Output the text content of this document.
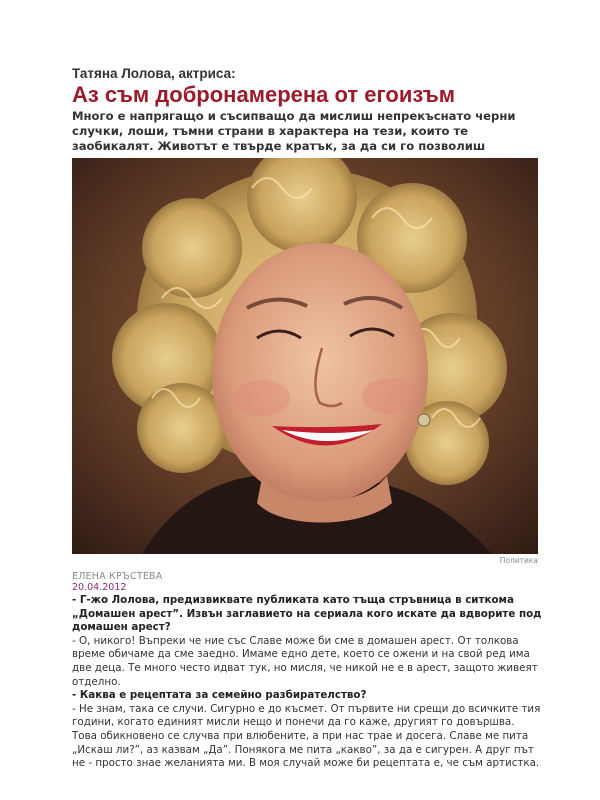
Татяна Лолова, актриса:

Аз съм добронамерена от егоизъм

Много е напрягащо и съсипващо да мислиш непрекъснато черни случки, лоши, тъмни страни в характера на тези, които те заобикалят. Животът е твърде кратък, за да си го позволиш

Политика
ЕЛЕНА КРЪСТЕВА
20.04.2012

- Г-жо Лолова, предизвиквате публиката като тъща стръвница в ситкома „Домашен арест”. Извън заглавието на сериала кого искате да вдворите под домашен арест?

- О, никого! Въпреки че ние със Славе може би сме в домашен арест. От толкова време обичаме да сме заедно. Имаме едно дете, което се ожени и на свой ред има две деца. Те много често идват тук, но мисля, че никой не е в арест, защото живеят отделно.

- Каква е рецептата за семейно разбирателство?

- Не знам, така се случи. Сигурно е до късмет. От първите ни срещи до всичките тия години, когато единият мисли нещо и понечи да го каже, другият го довършва. Това обикновено се случва при влюбените, а при нас трае и досега. Славе ме пита „Искаш ли?”, аз казвам „Да”. Понякога ме пита „какво”, за да е сигурен. А друг път не - просто знае желанията ми. В моя случай може би рецептата е, че съм артистка.
